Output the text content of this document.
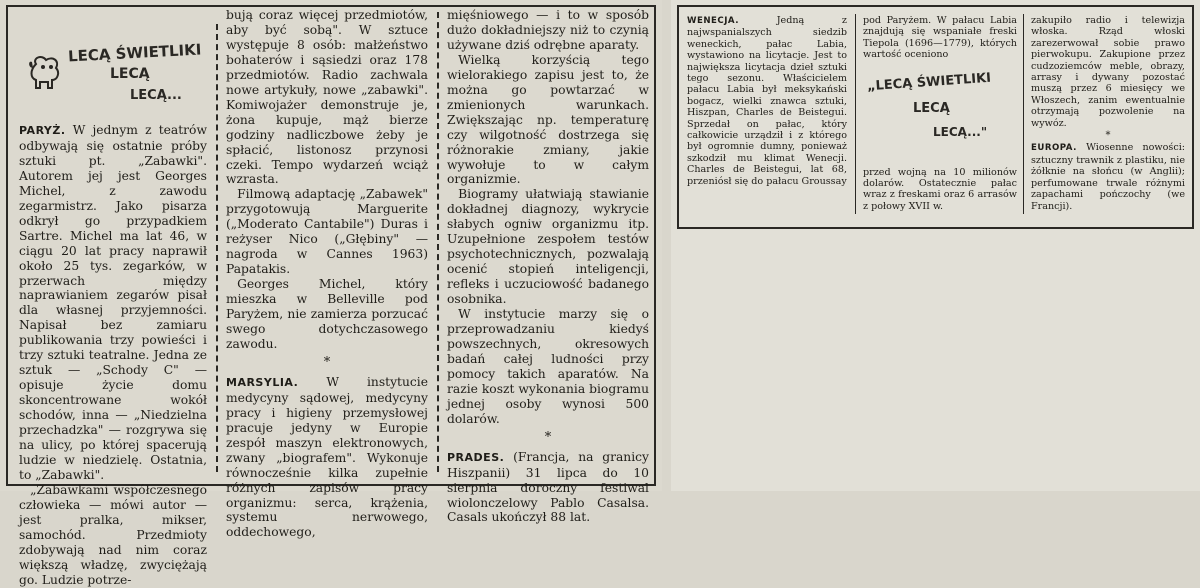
LECĄ ŚWIETLIKI
LECĄ
LECĄ...

PARYŻ. W jednym z teatrów odbywają się ostatnie próby sztuki pt. „Zabawki". Autorem jej jest Georges Michel, z zawodu zegarmistrz. Jako pisarza odkrył go przypadkiem Sartre. Michel ma lat 46, w ciągu 20 lat pracy naprawił około 25 tys. zegarków, w przerwach między naprawianiem zegarów pisał dla własnej przyjemności. Napisał bez zamiaru publikowania trzy powieści i trzy sztuki teatralne. Jedna ze sztuk — „Schody C" — opisuje życie domu skoncentrowane wokół schodów, inna — „Niedzielna przechadzka" — rozgrywa się na ulicy, po której spacerują ludzie w niedzielę. Ostatnia, to „Zabawki".

„Zabawkami współczesnego człowieka — mówi autor — jest pralka, mikser, samochód. Przedmioty zdobywają nad nim coraz większą władzę, zwyciężają go. Ludzie potrze-

bują coraz więcej przedmiotów, aby być sobą". W sztuce występuje 8 osób: małżeństwo bohaterów i sąsiedzi oraz 178 przedmiotów. Radio zachwala nowe artykuły, nowe „zabawki". Komiwojażer demonstruje je, żona kupuje, mąż bierze godziny nadliczbowe żeby je spłacić, listonosz przynosi czeki. Tempo wydarzeń wciąż wzrasta.

Filmową adaptację „Zabawek" przygotowują Marguerite („Moderato Cantabile") Duras i reżyser Nico („Głębiny" — nagroda w Cannes 1963) Papatakis.

Georges Michel, który mieszka w Belleville pod Paryżem, nie zamierza porzucać swego dotychczasowego zawodu.

*

MARSYLIA. W instytucie medycyny sądowej, medycyny pracy i higieny przemysłowej pracuje jedyny w Europie zespół maszyn elektronowych, zwany „biografem". Wykonuje równocześnie kilka zupełnie różnych zapisów pracy organizmu: serca, krążenia, systemu nerwowego, oddechowego,

mięśniowego — i to w sposób dużo dokładniejszy niż to czynią używane dziś odrębne aparaty.

Wielką korzyścią tego wielorakiego zapisu jest to, że można go powtarzać w zmienionych warunkach. Zwiększając np. temperaturę czy wilgotność dostrzega się różnorakie zmiany, jakie wywołuje to w całym organizmie.

Biogramy ułatwiają stawianie dokładnej diagnozy, wykrycie słabych ogniw organizmu itp. Uzupełnione zespołem testów psychotechnicznych, pozwalają ocenić stopień inteligencji, refleks i uczuciowość badanego osobnika.

W instytucie marzy się o przeprowadzaniu kiedyś powszechnych, okresowych badań całej ludności przy pomocy takich aparatów. Na razie koszt wykonania biogramu jednej osoby wynosi 500 dolarów.

*

PRADES. (Francja, na granicy Hiszpanii) 31 lipca do 10 sierpnia doroczny festiwal wiolonczelowy Pablo Casalsa. Casals ukończył 88 lat.

WENECJA.	Jedną z najwspanialszych siedzib weneckich, pałac Labia, wystawiono na licytacje. Jest to największa licytacja dzieł sztuki tego sezonu. Właścicielem pałacu Labia był meksykański bogacz, wielki znawca sztuki, Hiszpan, Charles de Beistegui. Sprzedał on pałac, który całkowicie urządził i z którego był ogromnie dumny, ponieważ szkodził mu klimat Wenecji. Charles de Beistegui, lat 68, przeniósł się do pałacu Groussay

pod Paryżem. W pałacu Labia znajdują się wspaniałe freski Tiepola (1696—1779), których wartość oceniono

„LECĄ ŚWIETLIKI
LECĄ
LECĄ..."

przed wojną na 10 milionów dolarów. Ostatecznie pałac wraz z freskami oraz 6 arrasów z połowy XVII w.

zakupiło radio i telewizja włoska. Rząd włoski zarezerwował sobie prawo pierwokupu. Zakupione przez cudzoziemców meble, obrazy, arrasy i dywany pozostać muszą przez 6 miesięcy we Włoszech, zanim ewentualnie otrzymają pozwolenie na wywóz.

*

EUROPA. Wiosenne nowości: sztuczny trawnik z plastiku, nie żółknie na słońcu (w Anglii); perfumowane trwale różnymi zapachami pończochy (we Francji).
